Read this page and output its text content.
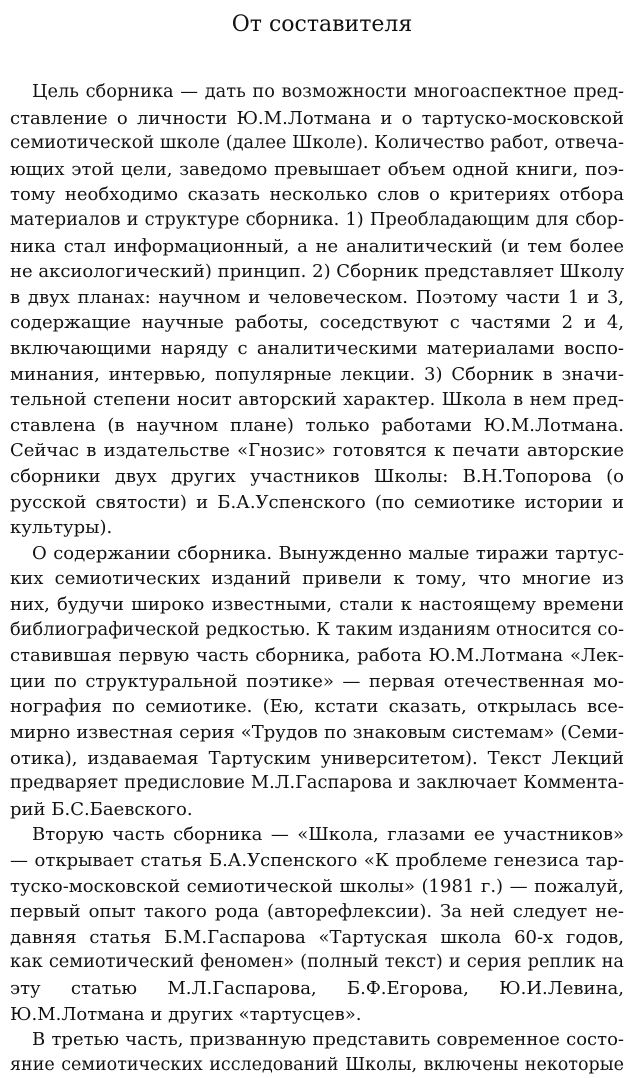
От составителя
Цель сборника — дать по возможности многоаспектное пред-
ставление о личности Ю.М.Лотмана и о тартуско-московской
семиотической школе (далее Школе). Количество работ, отвеча-
ющих этой цели, заведомо превышает объем одной книги, поэ-
тому необходимо сказать несколько слов о критериях отбора
материалов и структуре сборника. 1) Преобладающим для сбор-
ника стал информационный, а не аналитический (и тем более
не аксиологический) принцип. 2) Сборник представляет Школу
в двух планах: научном и человеческом. Поэтому части 1 и 3,
содержащие научные работы, соседствуют с частями 2 и 4,
включающими наряду с аналитическими материалами воспо-
минания, интервью, популярные лекции. 3) Сборник в значи-
тельной степени носит авторский характер. Школа в нем пред-
ставлена (в научном плане) только работами Ю.М.Лотмана.
Сейчас в издательстве «Гнозис» готовятся к печати авторские
сборники двух других участников Школы: В.Н.Топорова (о
русской святости) и Б.А.Успенского (по семиотике истории и
культуры).
О содержании сборника. Вынужденно малые тиражи тартус-
ких семиотических изданий привели к тому, что многие из
них, будучи широко известными, стали к настоящему времени
библиографической редкостью. К таким изданиям относится со-
ставившая первую часть сборника, работа Ю.М.Лотмана «Лек-
ции по структуральной поэтике» — первая отечественная мо-
нография по семиотике. (Ею, кстати сказать, открылась все-
мирно известная серия «Трудов по знаковым системам» (Семи-
отика), издаваемая Тартуским университетом). Текст Лекций
предваряет предисловие М.Л.Гаспарова и заключает Коммента-
рий Б.С.Баевского.
Вторую часть сборника — «Школа, глазами ее участников»
— открывает статья Б.А.Успенского «К проблеме генезиса тар-
туско-московской семиотической школы» (1981 г.) — пожалуй,
первый опыт такого рода (авторефлексии). За ней следует не-
давняя статья Б.М.Гаспарова «Тартуская школа 60-х годов,
как семиотический феномен» (полный текст) и серия реплик на
эту статью М.Л.Гаспарова, Б.Ф.Егорова, Ю.И.Левина,
Ю.М.Лотмана и других «тартусцев».
В третью часть, призванную представить современное состо-
яние семиотических исследований Школы, включены некоторые
